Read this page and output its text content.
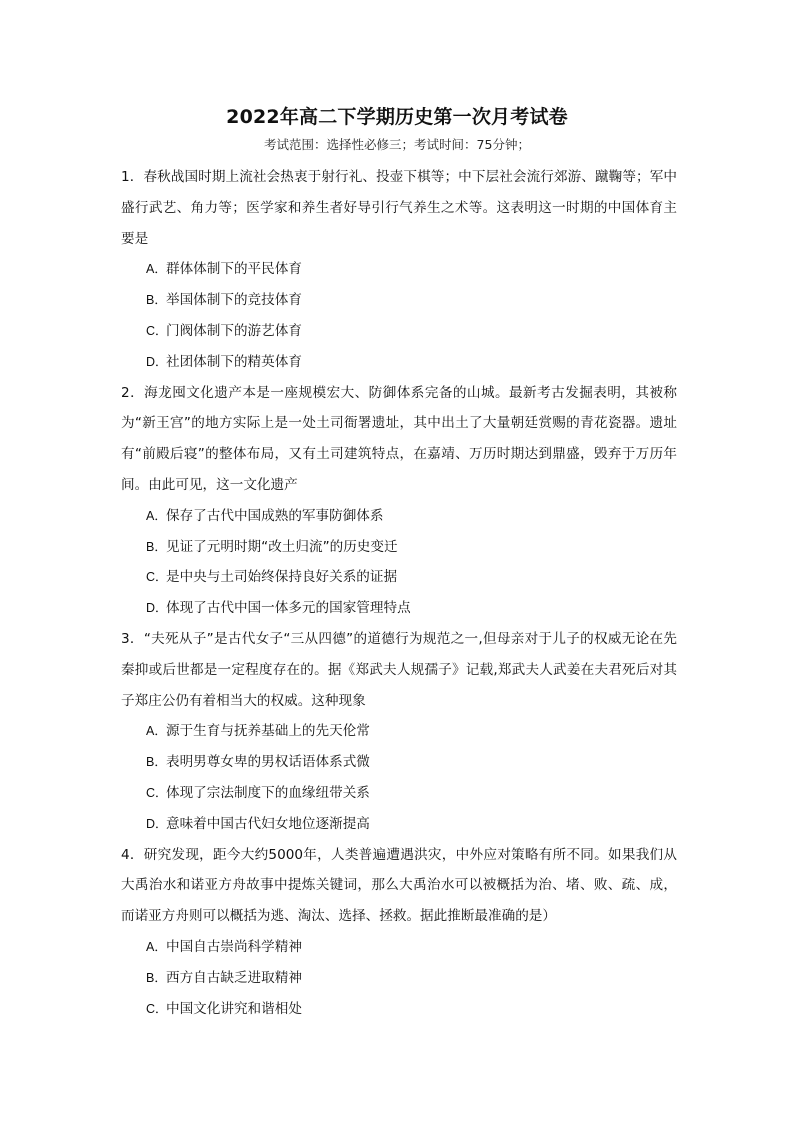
2022年高二下学期历史第一次月考试卷
考试范围：选择性必修三；考试时间：75分钟；

1．春秋战国时期上流社会热衷于射行礼、投壶下棋等；中下层社会流行郊游、蹴鞠等；军中盛行武艺、角力等；医学家和养生者好导引行气养生之术等。这表明这一时期的中国体育主要是

A．群体体制下的平民体育
B．举国体制下的竞技体育
C．门阀体制下的游艺体育
D．社团体制下的精英体育

2．海龙囤文化遗产本是一座规模宏大、防御体系完备的山城。最新考古发掘表明，其被称为“新王宫”的地方实际上是一处土司衙署遗址，其中出土了大量朝廷赏赐的青花瓷器。遗址有“前殿后寝”的整体布局，又有土司建筑特点，在嘉靖、万历时期达到鼎盛，毁弃于万历年间。由此可见，这一文化遗产

A．保存了古代中国成熟的军事防御体系
B．见证了元明时期“改土归流”的历史变迁
C．是中央与土司始终保持良好关系的证据
D．体现了古代中国一体多元的国家管理特点

3．“夫死从子”是古代女子“三从四德”的道德行为规范之一,但母亲对于儿子的权威无论在先秦抑或后世都是一定程度存在的。据《郑武夫人规孺子》记载,郑武夫人武姜在夫君死后对其子郑庄公仍有着相当大的权威。这种现象

A．源于生育与抚养基础上的先天伦常
B．表明男尊女卑的男权话语体系式微
C．体现了宗法制度下的血缘纽带关系
D．意味着中国古代妇女地位逐渐提高

4．研究发现，距今大约5000年，人类普遍遭遇洪灾，中外应对策略有所不同。如果我们从大禹治水和诺亚方舟故事中提炼关键词，那么大禹治水可以被概括为治、堵、败、疏、成，而诺亚方舟则可以概括为逃、淘汰、选择、拯救。据此推断最准确的是）

A．中国自古崇尚科学精神
B．西方自古缺乏进取精神
C．中国文化讲究和谐相处
